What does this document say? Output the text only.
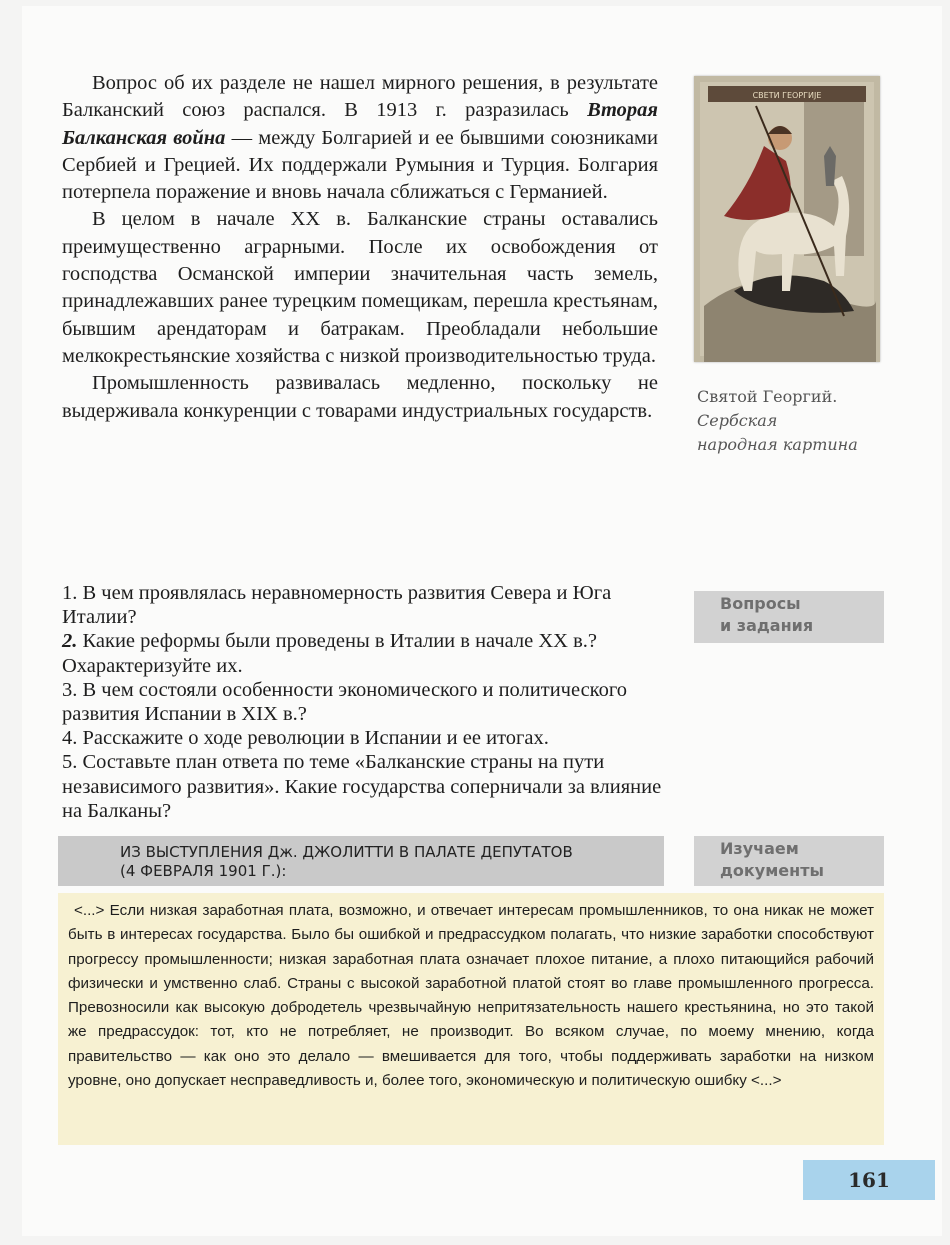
Вопрос об их разделе не нашел мирного решения, в результате Балканский союз распался. В 1913 г. разразилась Вторая Балканская война — между Болгарией и ее бывшими союзниками Сербией и Грецией. Их поддержали Румыния и Турция. Болгария потерпела поражение и вновь начала сближаться с Германией.

В целом в начале XX в. Балканские страны оставались преимущественно аграрными. После их освобождения от господства Османской империи значительная часть земель, принадлежавших ранее турецким помещикам, перешла крестьянам, бывшим арендаторам и батракам. Преобладали небольшие мелкокрестьянские хозяйства с низкой производительностью труда.

Промышленность развивалась медленно, поскольку не выдерживала конкуренции с товарами индустриальных государств.

СВЕТИ ГЕОРГИЈЕ
Святой Георгий.
Сербская
народная картина
1. В чем проявлялась неравномерность развития Севера и Юга Италии?
2. Какие реформы были проведены в Италии в начале XX в.? Охарактеризуйте их.
3. В чем состояли особенности экономического и политического развития Испании в XIX в.?
4. Расскажите о ходе революции в Испании и ее итогах.
5. Составьте план ответа по теме «Балканские страны на пути независимого развития». Какие государства соперничали за влияние на Балканы?
Вопросы
и задания
ИЗ ВЫСТУПЛЕНИЯ Дж. ДЖОЛИТТИ В ПАЛАТЕ ДЕПУТАТОВ
(4 ФЕВРАЛЯ 1901 Г.):
Изучаем
документы

<...> Если низкая заработная плата, возможно, и отвечает интересам промышленников, то она никак не может быть в интересах государства. Было бы ошибкой и предрассудком полагать, что низкие заработки способствуют прогрессу промышленности; низкая заработная плата означает плохое питание, а плохо питающийся рабочий физически и умственно слаб. Страны с высокой заработной платой стоят во главе промышленного прогресса. Превозносили как высокую добродетель чрезвычайную непритязательность нашего крестьянина, но это такой же предрассудок: тот, кто не потребляет, не производит. Во всяком случае, по моему мнению, когда правительство — как оно это делало — вмешивается для того, чтобы поддерживать заработки на низком уровне, оно допускает несправедливость и, более того, экономическую и политическую ошибку <...>

161
